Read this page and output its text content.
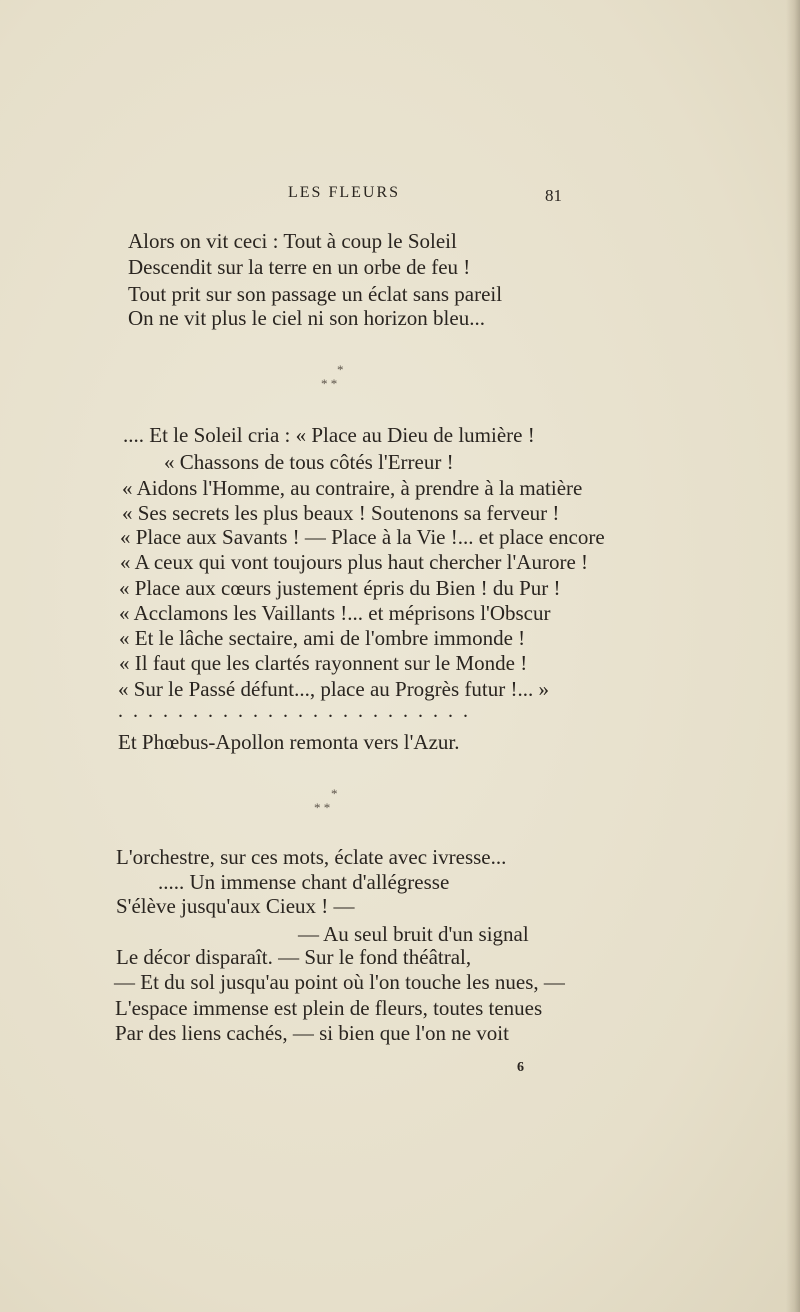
LES FLEURS	81
Alors on vit ceci : Tout à coup le Soleil
Descendit sur la terre en un orbe de feu !
Tout prit sur son passage un éclat sans pareil
On ne vit plus le ciel ni son horizon bleu...
*
* *
.... Et le Soleil cria : « Place au Dieu de lumière !
« Chassons de tous côtés l'Erreur !
« Aidons l'Homme, au contraire, à prendre à la matière
« Ses secrets les plus beaux ! Soutenons sa ferveur !
« Place aux Savants ! — Place à la Vie !... et place encore
« A ceux qui vont toujours plus haut chercher l'Aurore !
« Place aux cœurs justement épris du Bien ! du Pur !
« Acclamons les Vaillants !... et méprisons l'Obscur
« Et le lâche sectaire, ami de l'ombre immonde !
« Il faut que les clartés rayonnent sur le Monde !
« Sur le Passé défunt..., place au Progrès futur !... »
........................
Et Phœbus-Apollon remonta vers l'Azur.
*
* *
L'orchestre, sur ces mots, éclate avec ivresse...
..... Un immense chant d'allégresse
S'élève jusqu'aux Cieux ! —
— Au seul bruit d'un signal
Le décor disparaît. — Sur le fond théâtral,
— Et du sol jusqu'au point où l'on touche les nues, —
L'espace immense est plein de fleurs, toutes tenues
Par des liens cachés, — si bien que l'on ne voit
6
